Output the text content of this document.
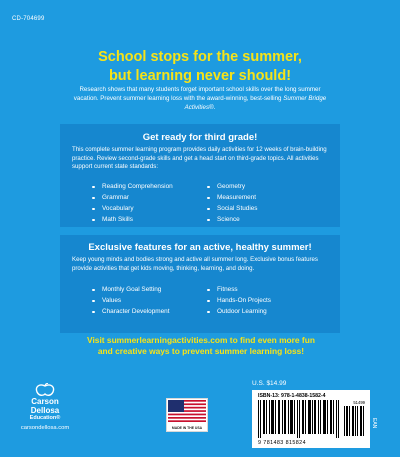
CD-704699
School stops for the summer,
but learning never should!
Research shows that many students forget important school skills over the long summer vacation. Prevent summer learning loss with the award-winning, best-selling Summer Bridge Activities®.
Get ready for third grade!
This complete summer learning program provides daily activities for 12 weeks of brain-building practice. Review second-grade skills and get a head start on third-grade topics. All activities support current state standards:
Reading Comprehension
Grammar
Vocabulary
Math Skills
Geometry
Measurement
Social Studies
Science
Exclusive features for an active, healthy summer!
Keep young minds and bodies strong and active all summer long. Exclusive bonus features provide activities that get kids moving, thinking, learning, and doing.
Monthly Goal Setting
Values
Character Development
Fitness
Hands-On Projects
Outdoor Learning
Visit summerlearningactivities.com to find even more fun
and creative ways to prevent summer learning loss!
Carson
Dellosa
Education®
carsondellosa.com	MADE IN THE USA
U.S. $14.99
ISBN-13: 978-1-4838-1582-4
9 781483 815824
51499
EAN
